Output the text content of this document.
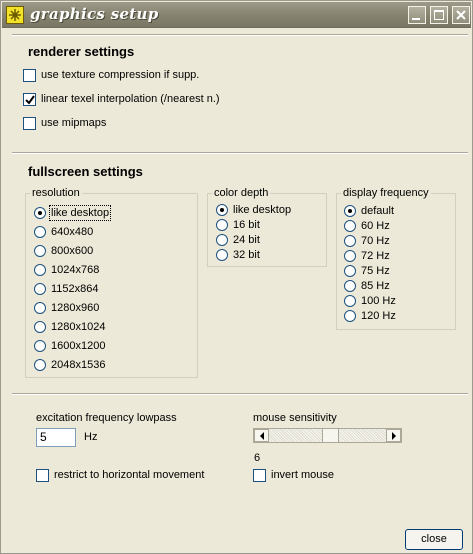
graphics setup
renderer settings
use texture compression if supp.
linear texel interpolation (/nearest n.)
use mipmaps
fullscreen settings
resolution
like desktop
640x480
800x600
1024x768
1152x864
1280x960
1280x1024
1600x1200
2048x1536
color depth
like desktop
16 bit
24 bit
32 bit
display frequency
default
60 Hz
70 Hz
72 Hz
75 Hz
85 Hz
100 Hz
120 Hz
excitation frequency lowpass
5	Hz
mouse sensitivity
6
restrict to horizontal movement	invert mouse
close
